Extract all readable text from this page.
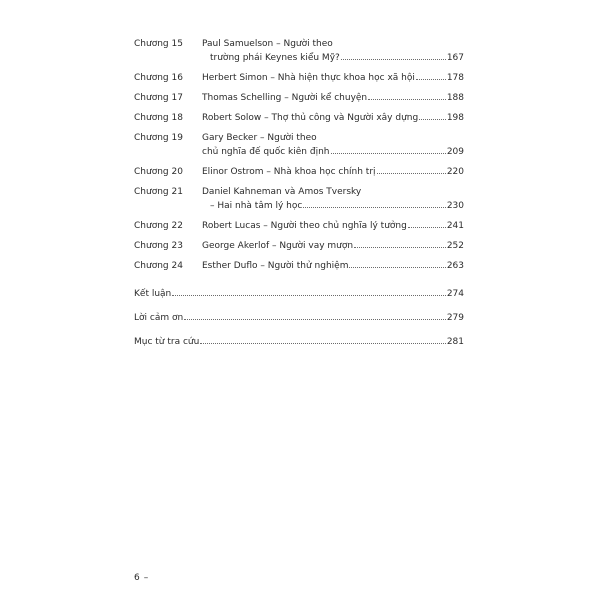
Chương 15	Paul Samuelson – Người theo
trường phái Keynes kiểu Mỹ?	167
Chương 16	Herbert Simon – Nhà hiện thực khoa học xã hội	178
Chương 17	Thomas Schelling – Người kể chuyện	188
Chương 18	Robert Solow – Thợ thủ công và Người xây dựng	198
Chương 19	Gary Becker – Người theo
chủ nghĩa đế quốc kiên định	209
Chương 20	Elinor Ostrom – Nhà khoa học chính trị	220
Chương 21	Daniel Kahneman và Amos Tversky
– Hai nhà tâm lý học	230
Chương 22	Robert Lucas – Người theo chủ nghĩa lý tưởng	241
Chương 23	George Akerlof – Người vay mượn	252
Chương 24	Esther Duflo – Người thử nghiệm	263
Kết luận	274
Lời cảm ơn	279
Mục từ tra cứu	281
6 –
